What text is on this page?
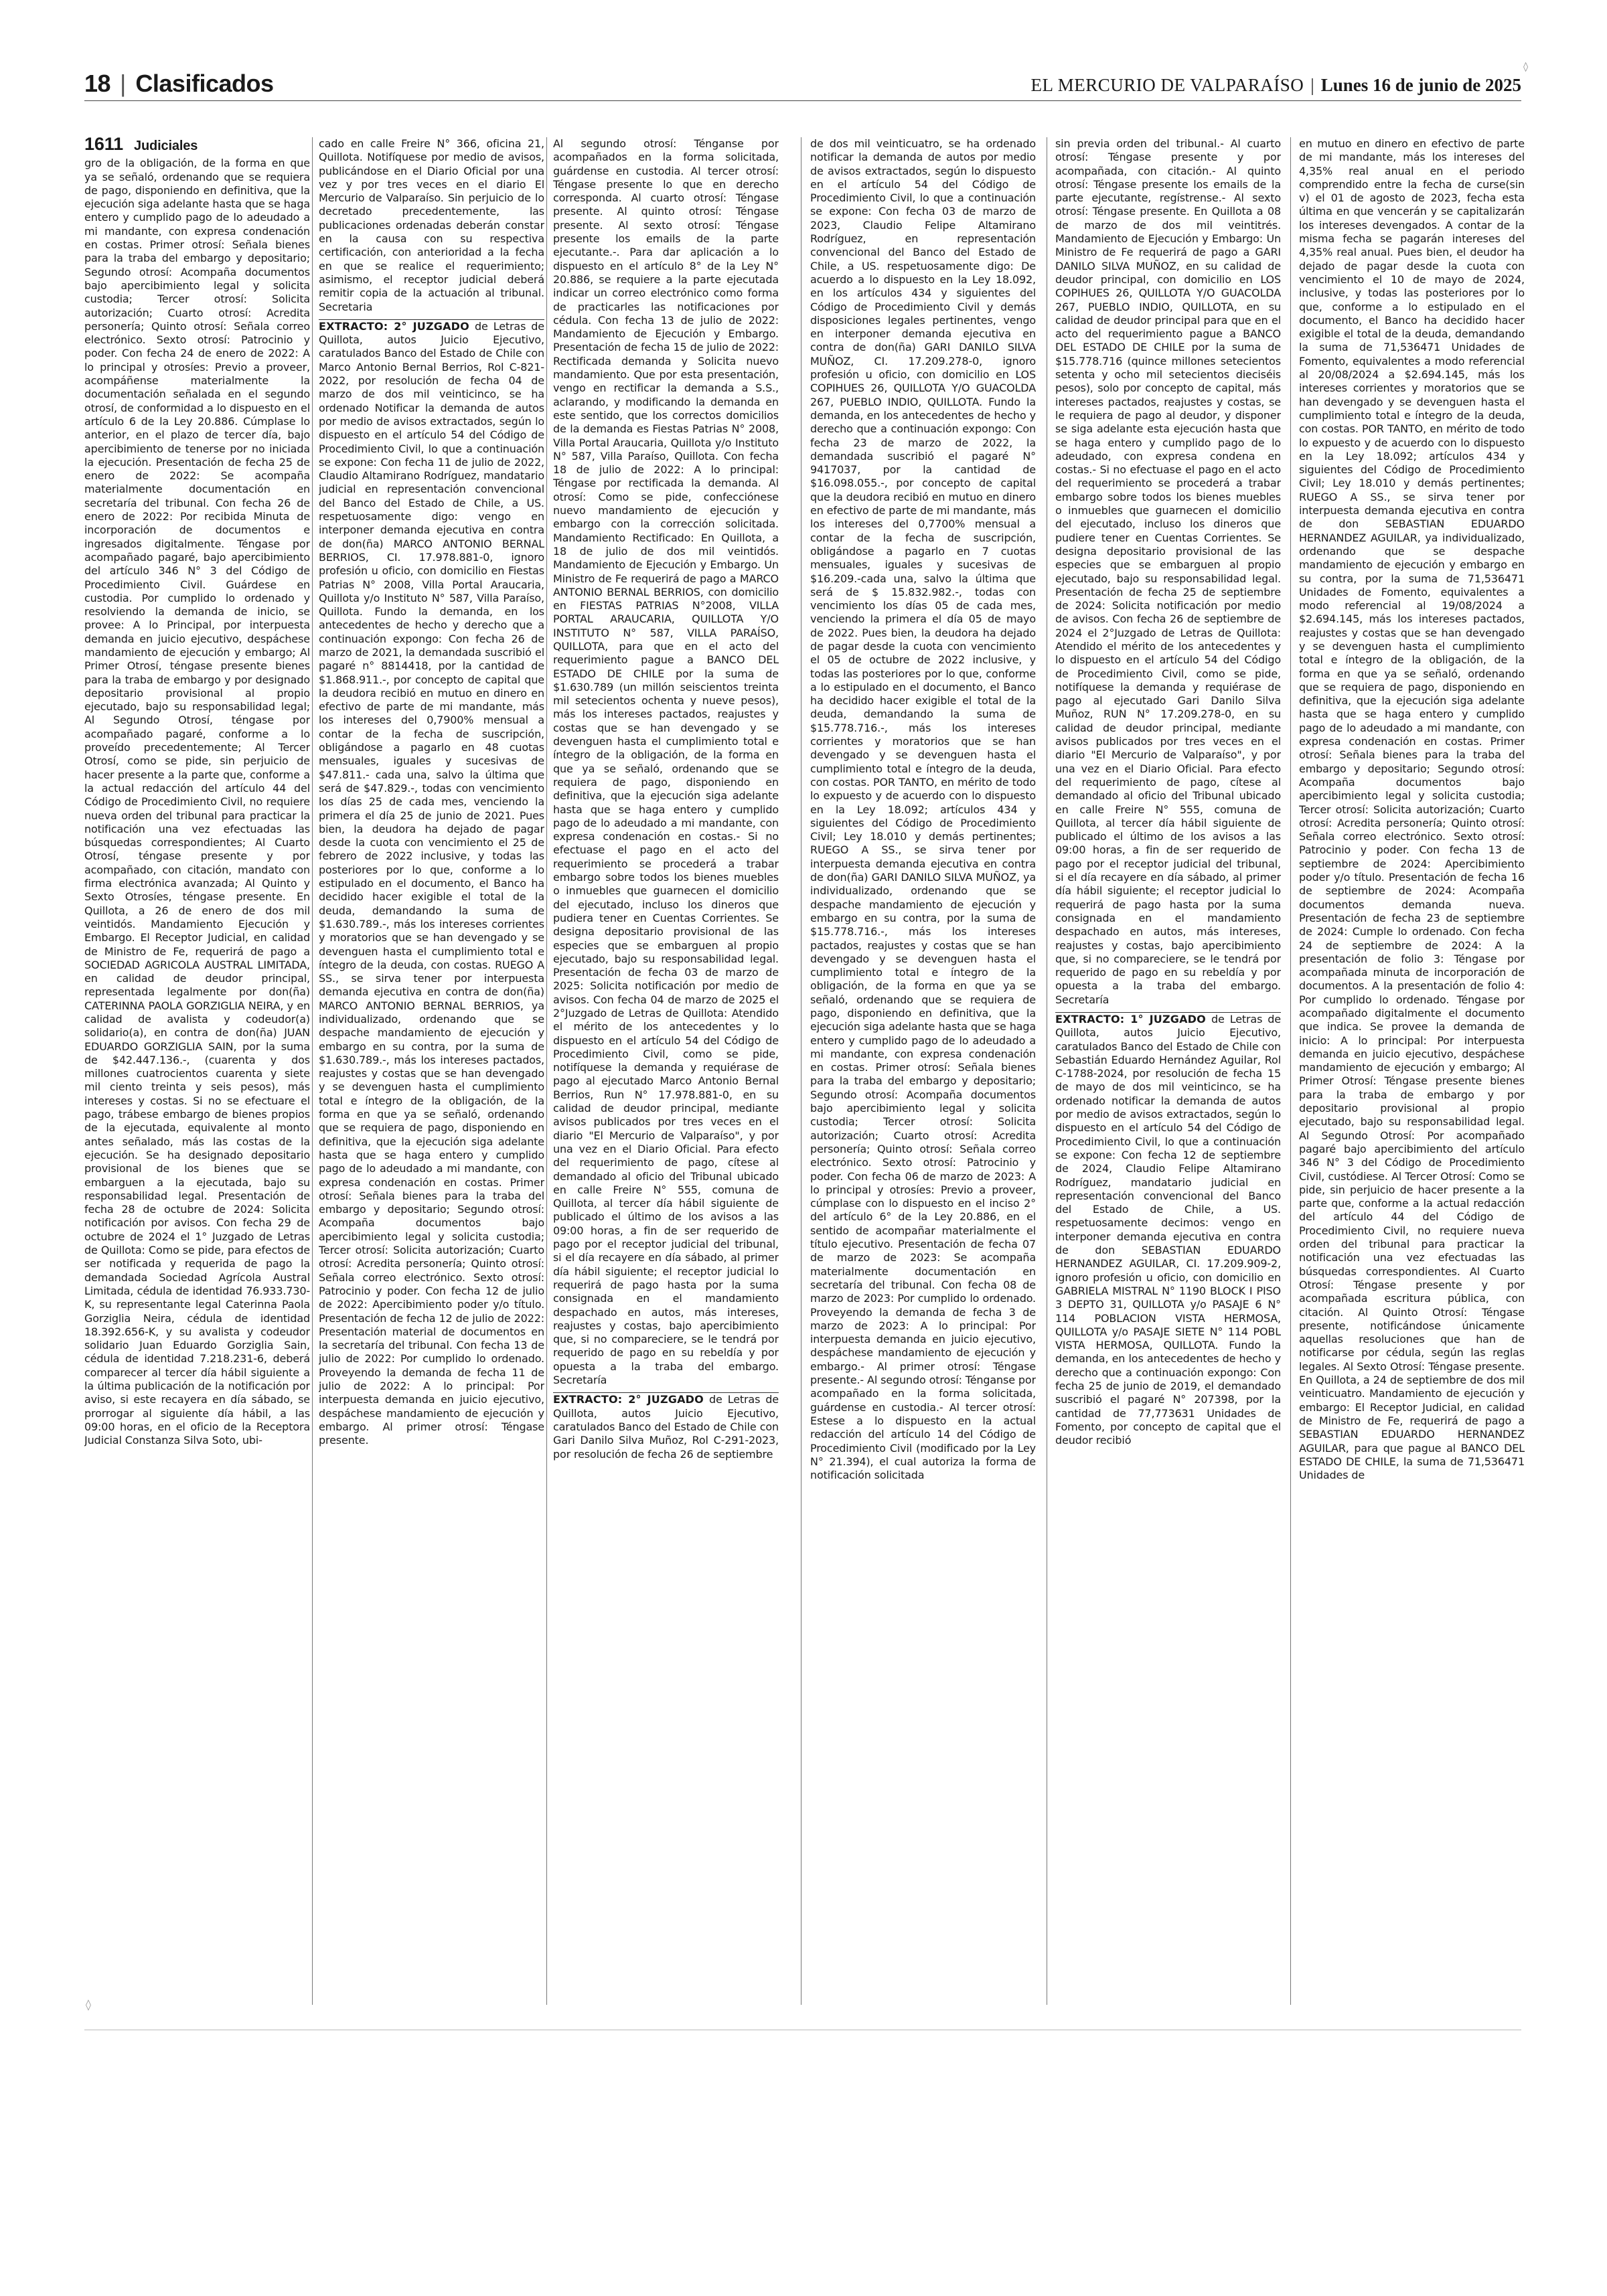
18 | Clasificados	EL MERCURIO DE VALPARAÍSO | Lunes 16 de junio de 2025
◊
1611 Judiciales

gro de la obligación, de la forma en que ya se señaló, ordenando que se requiera de pago, disponiendo en definitiva, que la ejecución siga adelante hasta que se haga entero y cumplido pago de lo adeudado a mi mandante, con expresa condenación en costas. Primer otrosí: Señala bienes para la traba del embargo y depositario; Segundo otrosí: Acompaña documentos bajo apercibimiento legal y solicita custodia; Tercer otrosí: Solicita autorización; Cuarto otrosí: Acredita personería; Quinto otrosí: Señala correo electrónico. Sexto otrosí: Patrocinio y poder. Con fecha 24 de enero de 2022: A lo principal y otrosíes: Previo a proveer, acompáñense materialmente la documentación señalada en el segundo otrosí, de conformidad a lo dispuesto en el artículo 6 de la Ley 20.886. Cúmplase lo anterior, en el plazo de tercer día, bajo apercibimiento de tenerse por no iniciada la ejecución. Presentación de fecha 25 de enero de 2022: Se acompaña materialmente documentación en secretaría del tribunal. Con fecha 26 de enero de 2022: Por recibida Minuta de incorporación de documentos e ingresados digitalmente. Téngase por acompañado pagaré, bajo apercibimiento del artículo 346 N° 3 del Código de Procedimiento Civil. Guárdese en custodia. Por cumplido lo ordenado y resolviendo la demanda de inicio, se provee: A lo Principal, por interpuesta demanda en juicio ejecutivo, despáchese mandamiento de ejecución y embargo; Al Primer Otrosí, téngase presente bienes para la traba de embargo y por designado depositario provisional al propio ejecutado, bajo su responsabilidad legal; Al Segundo Otrosí, téngase por acompañado pagaré, conforme a lo proveído precedentemente; Al Tercer Otrosí, como se pide, sin perjuicio de hacer presente a la parte que, conforme a la actual redacción del artículo 44 del Código de Procedimiento Civil, no requiere nueva orden del tribunal para practicar la notificación una vez efectuadas las búsquedas correspondientes; Al Cuarto Otrosí, téngase presente y por acompañado, con citación, mandato con firma electrónica avanzada; Al Quinto y Sexto Otrosíes, téngase presente. En Quillota, a 26 de enero de dos mil veintidós. Mandamiento Ejecución y Embargo. El Receptor Judicial, en calidad de Ministro de Fe, requerirá de pago a SOCIEDAD AGRICOLA AUSTRAL LIMITADA, en calidad de deudor principal, representada legalmente por don(ña) CATERINNA PAOLA GORZIGLIA NEIRA, y en calidad de avalista y codeudor(a) solidario(a), en contra de don(ña) JUAN EDUARDO GORZIGLIA SAIN, por la suma de $42.447.136.-, (cuarenta y dos millones cuatrocientos cuarenta y siete mil ciento treinta y seis pesos), más intereses y costas. Si no se efectuare el pago, trábese embargo de bienes propios de la ejecutada, equivalente al monto antes señalado, más las costas de la ejecución. Se ha designado depositario provisional de los bienes que se embarguen a la ejecutada, bajo su responsabilidad legal. Presentación de fecha 28 de octubre de 2024: Solicita notificación por avisos. Con fecha 29 de octubre de 2024 el 1° Juzgado de Letras de Quillota: Como se pide, para efectos de ser notificada y requerida de pago la demandada Sociedad Agrícola Austral Limitada, cédula de identidad 76.933.730-K, su representante legal Caterinna Paola Gorziglia Neira, cédula de identidad 18.392.656-K, y su avalista y codeudor solidario Juan Eduardo Gorziglia Sain, cédula de identidad 7.218.231-6, deberá comparecer al tercer día hábil siguiente a la última publicación de la notificación por aviso, si este recayera en día sábado, se prorrogar al siguiente día hábil, a las 09:00 horas, en el oficio de la Receptora Judicial Constanza Silva Soto, ubi-

cado en calle Freire N° 366, oficina 21, Quillota. Notifíquese por medio de avisos, publicándose en el Diario Oficial por una vez y por tres veces en el diario El Mercurio de Valparaíso. Sin perjuicio de lo decretado precedentemente, las publicaciones ordenadas deberán constar en la causa con su respectiva certificación, con anterioridad a la fecha en que se realice el requerimiento; asimismo, el receptor judicial deberá remitir copia de la actuación al tribunal. Secretaria

EXTRACTO: 2° JUZGADO de Letras de Quillota, autos Juicio Ejecutivo, caratulados Banco del Estado de Chile con Marco Antonio Bernal Berrios, Rol C-821-2022, por resolución de fecha 04 de marzo de dos mil veinticinco, se ha ordenado Notificar la demanda de autos por medio de avisos extractados, según lo dispuesto en el artículo 54 del Código de Procedimiento Civil, lo que a continuación se expone: Con fecha 11 de julio de 2022, Claudio Altamirano Rodríguez, mandatario judicial en representación convencional del Banco del Estado de Chile, a US. respetuosamente digo: vengo en interponer demanda ejecutiva en contra de don(ña) MARCO ANTONIO BERNAL BERRIOS, CI. 17.978.881-0, ignoro profesión u oficio, con domicilio en Fiestas Patrias N° 2008, Villa Portal Araucaria, Quillota y/o Instituto N° 587, Villa Paraíso, Quillota. Fundo la demanda, en los antecedentes de hecho y derecho que a continuación expongo: Con fecha 26 de marzo de 2021, la demandada suscribió el pagaré n° 8814418, por la cantidad de $1.868.911.-, por concepto de capital que la deudora recibió en mutuo en dinero en efectivo de parte de mi mandante, más los intereses del 0,7900% mensual a contar de la fecha de suscripción, obligándose a pagarlo en 48 cuotas mensuales, iguales y sucesivas de $47.811.- cada una, salvo la última que será de $47.829.-, todas con vencimiento los días 25 de cada mes, venciendo la primera el día 25 de junio de 2021. Pues bien, la deudora ha dejado de pagar desde la cuota con vencimiento el 25 de febrero de 2022 inclusive, y todas las posteriores por lo que, conforme a lo estipulado en el documento, el Banco ha decidido hacer exigible el total de la deuda, demandando la suma de $1.630.789.-, más los intereses corrientes y moratorios que se han devengado y se devenguen hasta el cumplimiento total e íntegro de la deuda, con costas. RUEGO A SS., se sirva tener por interpuesta demanda ejecutiva en contra de don(ña) MARCO ANTONIO BERNAL BERRIOS, ya individualizado, ordenando que se despache mandamiento de ejecución y embargo en su contra, por la suma de $1.630.789.-, más los intereses pactados, reajustes y costas que se han devengado y se devenguen hasta el cumplimiento total e íntegro de la obligación, de la forma en que ya se señaló, ordenando que se requiera de pago, disponiendo en definitiva, que la ejecución siga adelante hasta que se haga entero y cumplido pago de lo adeudado a mi mandante, con expresa condenación en costas. Primer otrosí: Señala bienes para la traba del embargo y depositario; Segundo otrosí: Acompaña documentos bajo apercibimiento legal y solicita custodia; Tercer otrosí: Solicita autorización; Cuarto otrosí: Acredita personería; Quinto otrosí: Señala correo electrónico. Sexto otrosí: Patrocinio y poder. Con fecha 12 de julio de 2022: Apercibimiento poder y/o título. Presentación de fecha 12 de julio de 2022: Presentación material de documentos en la secretaría del tribunal. Con fecha 13 de julio de 2022: Por cumplido lo ordenado. Proveyendo la demanda de fecha 11 de julio de 2022: A lo principal: Por interpuesta demanda en juicio ejecutivo, despáchese mandamiento de ejecución y embargo. Al primer otrosí: Téngase presente.

Al segundo otrosí: Ténganse por acompañados en la forma solicitada, guárdense en custodia. Al tercer otrosí: Téngase presente lo que en derecho corresponda. Al cuarto otrosí: Téngase presente. Al quinto otrosí: Téngase presente. Al sexto otrosí: Téngase presente los emails de la parte ejecutante.-. Para dar aplicación a lo dispuesto en el artículo 8° de la Ley N° 20.886, se requiere a la parte ejecutada indicar un correo electrónico como forma de practicarles las notificaciones por cédula. Con fecha 13 de julio de 2022: Mandamiento de Ejecución y Embargo. Presentación de fecha 15 de julio de 2022: Rectificada demanda y Solicita nuevo mandamiento. Que por esta presentación, vengo en rectificar la demanda a S.S., aclarando, y modificando la demanda en este sentido, que los correctos domicilios de la demanda es Fiestas Patrias N° 2008, Villa Portal Araucaria, Quillota y/o Instituto N° 587, Villa Paraíso, Quillota. Con fecha 18 de julio de 2022: A lo principal: Téngase por rectificada la demanda. Al otrosí: Como se pide, confecciónese nuevo mandamiento de ejecución y embargo con la corrección solicitada. Mandamiento Rectificado: En Quillota, a 18 de julio de dos mil veintidós. Mandamiento de Ejecución y Embargo. Un Ministro de Fe requerirá de pago a MARCO ANTONIO BERNAL BERRIOS, con domicilio en FIESTAS PATRIAS N°2008, VILLA PORTAL ARAUCARIA, QUILLOTA Y/O INSTITUTO N° 587, VILLA PARAÍSO, QUILLOTA, para que en el acto del requerimiento pague a BANCO DEL ESTADO DE CHILE por la suma de $1.630.789 (un millón seiscientos treinta mil setecientos ochenta y nueve pesos), más los intereses pactados, reajustes y costas que se han devengado y se devenguen hasta el cumplimiento total e íntegro de la obligación, de la forma en que ya se señaló, ordenando que se requiera de pago, disponiendo en definitiva, que la ejecución siga adelante hasta que se haga entero y cumplido pago de lo adeudado a mi mandante, con expresa condenación en costas.- Si no efectuase el pago en el acto del requerimiento se procederá a trabar embargo sobre todos los bienes muebles o inmuebles que guarnecen el domicilio del ejecutado, incluso los dineros que pudiera tener en Cuentas Corrientes. Se designa depositario provisional de las especies que se embarguen al propio ejecutado, bajo su responsabilidad legal. Presentación de fecha 03 de marzo de 2025: Solicita notificación por medio de avisos. Con fecha 04 de marzo de 2025 el 2°Juzgado de Letras de Quillota: Atendido el mérito de los antecedentes y lo dispuesto en el artículo 54 del Código de Procedimiento Civil, como se pide, notifíquese la demanda y requiérase de pago al ejecutado Marco Antonio Bernal Berrios, Run N° 17.978.881-0, en su calidad de deudor principal, mediante avisos publicados por tres veces en el diario "El Mercurio de Valparaíso", y por una vez en el Diario Oficial. Para efecto del requerimiento de pago, cítese al demandado al oficio del Tribunal ubicado en calle Freire N° 555, comuna de Quillota, al tercer día hábil siguiente de publicado el último de los avisos a las 09:00 horas, a fin de ser requerido de pago por el receptor judicial del tribunal, si el día recayere en día sábado, al primer día hábil siguiente; el receptor judicial lo requerirá de pago hasta por la suma consignada en el mandamiento despachado en autos, más intereses, reajustes y costas, bajo apercibimiento que, si no compareciere, se le tendrá por requerido de pago en su rebeldía y por opuesta a la traba del embargo. Secretaría

EXTRACTO: 2° JUZGADO de Letras de Quillota, autos Juicio Ejecutivo, caratulados Banco del Estado de Chile con Gari Danilo Silva Muñoz, Rol C-291-2023, por resolución de fecha 26 de septiembre

de dos mil veinticuatro, se ha ordenado notificar la demanda de autos por medio de avisos extractados, según lo dispuesto en el artículo 54 del Código de Procedimiento Civil, lo que a continuación se expone: Con fecha 03 de marzo de 2023, Claudio Felipe Altamirano Rodríguez, en representación convencional del Banco del Estado de Chile, a US. respetuosamente digo: De acuerdo a lo dispuesto en la Ley 18.092, en los artículos 434 y siguientes del Código de Procedimiento Civil y demás disposiciones legales pertinentes, vengo en interponer demanda ejecutiva en contra de don(ña) GARI DANILO SILVA MUÑOZ, CI. 17.209.278-0, ignoro profesión u oficio, con domicilio en LOS COPIHUES 26, QUILLOTA Y/O GUACOLDA 267, PUEBLO INDIO, QUILLOTA. Fundo la demanda, en los antecedentes de hecho y derecho que a continuación expongo: Con fecha 23 de marzo de 2022, la demandada suscribió el pagaré N° 9417037, por la cantidad de $16.098.055.-, por concepto de capital que la deudora recibió en mutuo en dinero en efectivo de parte de mi mandante, más los intereses del 0,7700% mensual a contar de la fecha de suscripción, obligándose a pagarlo en 7 cuotas mensuales, iguales y sucesivas de $16.209.-cada una, salvo la última que será de $ 15.832.982.-, todas con vencimiento los días 05 de cada mes, venciendo la primera el día 05 de mayo de 2022. Pues bien, la deudora ha dejado de pagar desde la cuota con vencimiento el 05 de octubre de 2022 inclusive, y todas las posteriores por lo que, conforme a lo estipulado en el documento, el Banco ha decidido hacer exigible el total de la deuda, demandando la suma de $15.778.716.-, más los intereses corrientes y moratorios que se han devengado y se devenguen hasta el cumplimiento total e íntegro de la deuda, con costas. POR TANTO, en mérito de todo lo expuesto y de acuerdo con lo dispuesto en la Ley 18.092; artículos 434 y siguientes del Código de Procedimiento Civil; Ley 18.010 y demás pertinentes; RUEGO A SS., se sirva tener por interpuesta demanda ejecutiva en contra de don(ña) GARI DANILO SILVA MUÑOZ, ya individualizado, ordenando que se despache mandamiento de ejecución y embargo en su contra, por la suma de $15.778.716.-, más los intereses pactados, reajustes y costas que se han devengado y se devenguen hasta el cumplimiento total e íntegro de la obligación, de la forma en que ya se señaló, ordenando que se requiera de pago, disponiendo en definitiva, que la ejecución siga adelante hasta que se haga entero y cumplido pago de lo adeudado a mi mandante, con expresa condenación en costas. Primer otrosí: Señala bienes para la traba del embargo y depositario; Segundo otrosí: Acompaña documentos bajo apercibimiento legal y solicita custodia; Tercer otrosí: Solicita autorización; Cuarto otrosí: Acredita personería; Quinto otrosí: Señala correo electrónico. Sexto otrosí: Patrocinio y poder. Con fecha 06 de marzo de 2023: A lo principal y otrosíes: Previo a proveer, cúmplase con lo dispuesto en el inciso 2° del artículo 6° de la Ley 20.886, en el sentido de acompañar materialmente el título ejecutivo. Presentación de fecha 07 de marzo de 2023: Se acompaña materialmente documentación en secretaría del tribunal. Con fecha 08 de marzo de 2023: Por cumplido lo ordenado. Proveyendo la demanda de fecha 3 de marzo de 2023: A lo principal: Por interpuesta demanda en juicio ejecutivo, despáchese mandamiento de ejecución y embargo.- Al primer otrosí: Téngase presente.- Al segundo otrosí: Ténganse por acompañado en la forma solicitada, guárdense en custodia.- Al tercer otrosí: Estese a lo dispuesto en la actual redacción del artículo 14 del Código de Procedimiento Civil (modificado por la Ley N° 21.394), el cual autoriza la forma de notificación solicitada

sin previa orden del tribunal.- Al cuarto otrosí: Téngase presente y por acompañada, con citación.- Al quinto otrosí: Téngase presente los emails de la parte ejecutante, regístrense.- Al sexto otrosí: Téngase presente. En Quillota a 08 de marzo de dos mil veintitrés. Mandamiento de Ejecución y Embargo: Un Ministro de Fe requerirá de pago a GARI DANILO SILVA MUÑOZ, en su calidad de deudor principal, con domicilio en LOS COPIHUES 26, QUILLOTA Y/O GUACOLDA 267, PUEBLO INDIO, QUILLOTA, en su calidad de deudor principal para que en el acto del requerimiento pague a BANCO DEL ESTADO DE CHILE por la suma de $15.778.716 (quince millones setecientos setenta y ocho mil setecientos dieciséis pesos), solo por concepto de capital, más intereses pactados, reajustes y costas, se le requiera de pago al deudor, y disponer se siga adelante esta ejecución hasta que se haga entero y cumplido pago de lo adeudado, con expresa condena en costas.- Si no efectuase el pago en el acto del requerimiento se procederá a trabar embargo sobre todos los bienes muebles o inmuebles que guarnecen el domicilio del ejecutado, incluso los dineros que pudiere tener en Cuentas Corrientes. Se designa depositario provisional de las especies que se embarguen al propio ejecutado, bajo su responsabilidad legal. Presentación de fecha 25 de septiembre de 2024: Solicita notificación por medio de avisos. Con fecha 26 de septiembre de 2024 el 2°Juzgado de Letras de Quillota: Atendido el mérito de los antecedentes y lo dispuesto en el artículo 54 del Código de Procedimiento Civil, como se pide, notifíquese la demanda y requiérase de pago al ejecutado Gari Danilo Silva Muñoz, RUN N° 17.209.278-0, en su calidad de deudor principal, mediante avisos publicados por tres veces en el diario "El Mercurio de Valparaíso", y por una vez en el Diario Oficial. Para efecto del requerimiento de pago, cítese al demandado al oficio del Tribunal ubicado en calle Freire N° 555, comuna de Quillota, al tercer día hábil siguiente de publicado el último de los avisos a las 09:00 horas, a fin de ser requerido de pago por el receptor judicial del tribunal, si el día recayere en día sábado, al primer día hábil siguiente; el receptor judicial lo requerirá de pago hasta por la suma consignada en el mandamiento despachado en autos, más intereses, reajustes y costas, bajo apercibimiento que, si no compareciere, se le tendrá por requerido de pago en su rebeldía y por opuesta a la traba del embargo. Secretaría

EXTRACTO: 1° JUZGADO de Letras de Quillota, autos Juicio Ejecutivo, caratulados Banco del Estado de Chile con Sebastián Eduardo Hernández Aguilar, Rol C-1788-2024, por resolución de fecha 15 de mayo de dos mil veinticinco, se ha ordenado notificar la demanda de autos por medio de avisos extractados, según lo dispuesto en el artículo 54 del Código de Procedimiento Civil, lo que a continuación se expone: Con fecha 12 de septiembre de 2024, Claudio Felipe Altamirano Rodríguez, mandatario judicial en representación convencional del Banco del Estado de Chile, a US. respetuosamente decimos: vengo en interponer demanda ejecutiva en contra de don SEBASTIAN EDUARDO HERNANDEZ AGUILAR, CI. 17.209.909-2, ignoro profesión u oficio, con domicilio en GABRIELA MISTRAL N° 1190 BLOCK I PISO 3 DEPTO 31, QUILLOTA y/o PASAJE 6 N° 114 POBLACION VISTA HERMOSA, QUILLOTA y/o PASAJE SIETE N° 114 POBL VISTA HERMOSA, QUILLOTA. Fundo la demanda, en los antecedentes de hecho y derecho que a continuación expongo: Con fecha 25 de junio de 2019, el demandado suscribió el pagaré N° 207398, por la cantidad de 77,773631 Unidades de Fomento, por concepto de capital que el deudor recibió

en mutuo en dinero en efectivo de parte de mi mandante, más los intereses del 4,35% real anual en el periodo comprendido entre la fecha de curse(sin v) el 01 de agosto de 2023, fecha esta última en que vencerán y se capitalizarán los intereses devengados. A contar de la misma fecha se pagarán intereses del 4,35% real anual. Pues bien, el deudor ha dejado de pagar desde la cuota con vencimiento el 10 de mayo de 2024, inclusive, y todas las posteriores por lo que, conforme a lo estipulado en el documento, el Banco ha decidido hacer exigible el total de la deuda, demandando la suma de 71,536471 Unidades de Fomento, equivalentes a modo referencial al 20/08/2024 a $2.694.145, más los intereses corrientes y moratorios que se han devengado y se devenguen hasta el cumplimiento total e íntegro de la deuda, con costas. POR TANTO, en mérito de todo lo expuesto y de acuerdo con lo dispuesto en la Ley 18.092; artículos 434 y siguientes del Código de Procedimiento Civil; Ley 18.010 y demás pertinentes; RUEGO A SS., se sirva tener por interpuesta demanda ejecutiva en contra de don SEBASTIAN EDUARDO HERNANDEZ AGUILAR, ya individualizado, ordenando que se despache mandamiento de ejecución y embargo en su contra, por la suma de 71,536471 Unidades de Fomento, equivalentes a modo referencial al 19/08/2024 a $2.694.145, más los intereses pactados, reajustes y costas que se han devengado y se devenguen hasta el cumplimiento total e íntegro de la obligación, de la forma en que ya se señaló, ordenando que se requiera de pago, disponiendo en definitiva, que la ejecución siga adelante hasta que se haga entero y cumplido pago de lo adeudado a mi mandante, con expresa condenación en costas. Primer otrosí: Señala bienes para la traba del embargo y depositario; Segundo otrosí: Acompaña documentos bajo apercibimiento legal y solicita custodia; Tercer otrosí: Solicita autorización; Cuarto otrosí: Acredita personería; Quinto otrosí: Señala correo electrónico. Sexto otrosí: Patrocinio y poder. Con fecha 13 de septiembre de 2024: Apercibimiento poder y/o título. Presentación de fecha 16 de septiembre de 2024: Acompaña documentos demanda nueva. Presentación de fecha 23 de septiembre de 2024: Cumple lo ordenado. Con fecha 24 de septiembre de 2024: A la presentación de folio 3: Téngase por acompañada minuta de incorporación de documentos. A la presentación de folio 4: Por cumplido lo ordenado. Téngase por acompañado digitalmente el documento que indica. Se provee la demanda de inicio: A lo principal: Por interpuesta demanda en juicio ejecutivo, despáchese mandamiento de ejecución y embargo; Al Primer Otrosí: Téngase presente bienes para la traba de embargo y por depositario provisional al propio ejecutado, bajo su responsabilidad legal. Al Segundo Otrosí: Por acompañado pagaré bajo apercibimiento del artículo 346 N° 3 del Código de Procedimiento Civil, custódiese. Al Tercer Otrosí: Como se pide, sin perjuicio de hacer presente a la parte que, conforme a la actual redacción del artículo 44 del Código de Procedimiento Civil, no requiere nueva orden del tribunal para practicar la notificación una vez efectuadas las búsquedas correspondientes. Al Cuarto Otrosí: Téngase presente y por acompañada escritura pública, con citación. Al Quinto Otrosí: Téngase presente, notificándose únicamente aquellas resoluciones que han de notificarse por cédula, según las reglas legales. Al Sexto Otrosí: Téngase presente. En Quillota, a 24 de septiembre de dos mil veinticuatro. Mandamiento de ejecución y embargo: El Receptor Judicial, en calidad de Ministro de Fe, requerirá de pago a SEBASTIAN EDUARDO HERNANDEZ AGUILAR, para que pague al BANCO DEL ESTADO DE CHILE, la suma de 71,536471 Unidades de

◊
